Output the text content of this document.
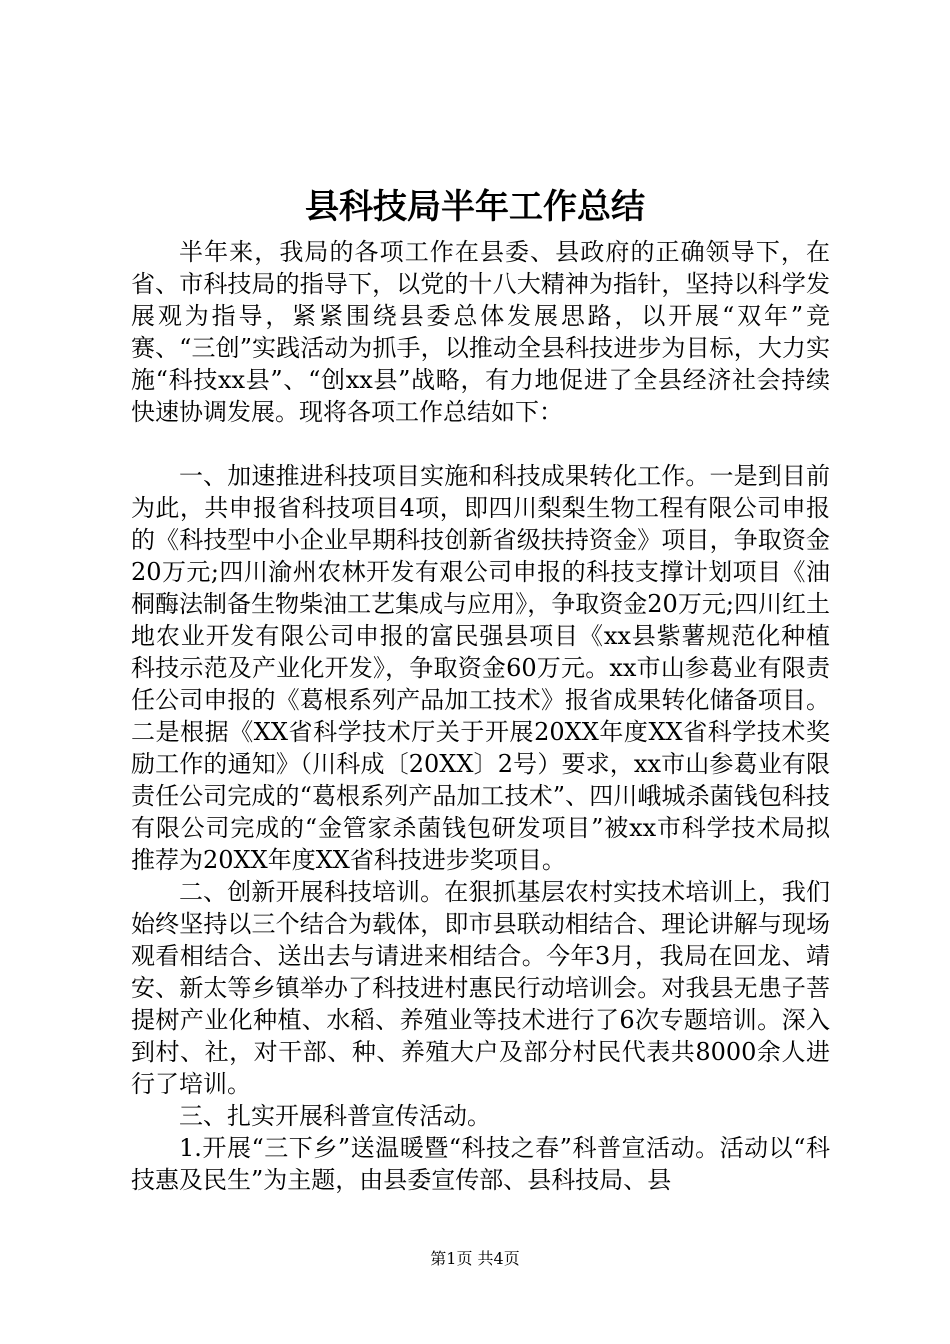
县科技局半年工作总结

半年来，我局的各项工作在县委、县政府的正确领导下，在省、市科技局的指导下，以党的十八大精神为指针，坚持以科学发展观为指导，紧紧围绕县委总体发展思路，以开展“双年”竞赛、“三创”实践活动为抓手，以推动全县科技进步为目标，大力实施“科技xx县”、“创xx县”战略，有力地促进了全县经济社会持续快速协调发展。现将各项工作总结如下：

一、加速推进科技项目实施和科技成果转化工作。一是到目前为此，共申报省科技项目4项，即四川梨梨生物工程有限公司申报的《科技型中小企业早期科技创新省级扶持资金》项目，争取资金20万元;四川渝州农林开发有艰公司申报的科技支撑计划项目《油桐酶法制备生物柴油工艺集成与应用》，争取资金20万元;四川红土地农业开发有限公司申报的富民强县项目《xx县紫薯规范化种植科技示范及产业化开发》，争取资金60万元。xx市山参葛业有限责任公司申报的《葛根系列产品加工技术》报省成果转化储备项目。二是根据《XX省科学技术厅关于开展20XX年度XX省科学技术奖励工作的通知》（川科成〔20XX〕2号）要求，xx市山参葛业有限责任公司完成的“葛根系列产品加工技术”、四川峨城杀菌钱包科技有限公司完成的“金管家杀菌钱包研发项目”被xx市科学技术局拟推荐为20XX年度XX省科技进步奖项目。

二、创新开展科技培训。在狠抓基层农村实技术培训上，我们始终坚持以三个结合为载体，即市县联动相结合、理论讲解与现场观看相结合、送出去与请进来相结合。今年3月，我局在回龙、靖安、新太等乡镇举办了科技进村惠民行动培训会。对我县无患子菩提树产业化种植、水稻、养殖业等技术进行了6次专题培训。深入到村、社，对干部、种、养殖大户及部分村民代表共8000余人进行了培训。

三、扎实开展科普宣传活动。

1.开展“三下乡”送温暖暨“科技之春”科普宣活动。活动以“科技惠及民生”为主题，由县委宣传部、县科技局、县

第1页 共4页
